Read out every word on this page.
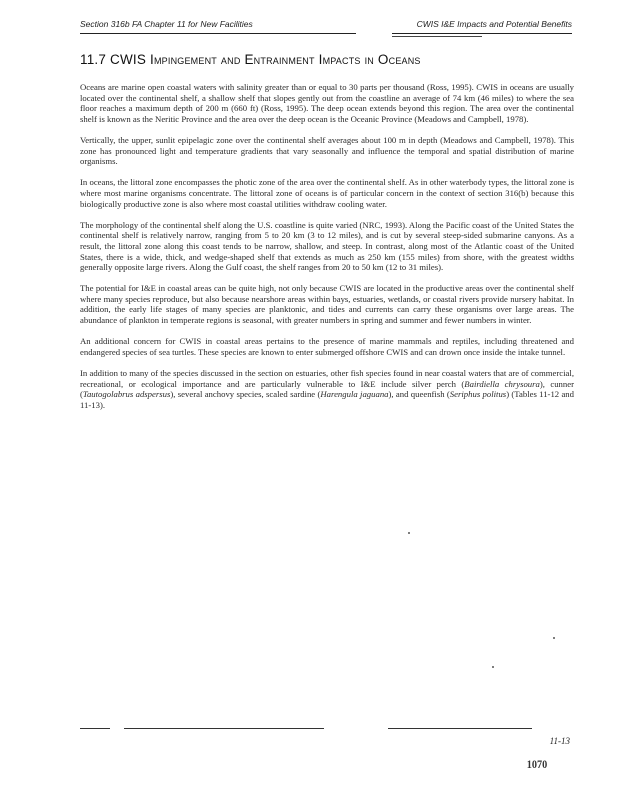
Section 316b FA Chapter 11 for New Facilities	CWIS I&E Impacts and Potential Benefits
11.7 CWIS Impingement and Entrainment Impacts in Oceans

Oceans are marine open coastal waters with salinity greater than or equal to 30 parts per thousand (Ross, 1995). CWIS in oceans are usually located over the continental shelf, a shallow shelf that slopes gently out from the coastline an average of 74 km (46 miles) to where the sea floor reaches a maximum depth of 200 m (660 ft) (Ross, 1995). The deep ocean extends beyond this region. The area over the continental shelf is known as the Neritic Province and the area over the deep ocean is the Oceanic Province (Meadows and Campbell, 1978).

Vertically, the upper, sunlit epipelagic zone over the continental shelf averages about 100 m in depth (Meadows and Campbell, 1978). This zone has pronounced light and temperature gradients that vary seasonally and influence the temporal and spatial distribution of marine organisms.

In oceans, the littoral zone encompasses the photic zone of the area over the continental shelf. As in other waterbody types, the littoral zone is where most marine organisms concentrate. The littoral zone of oceans is of particular concern in the context of section 316(b) because this biologically productive zone is also where most coastal utilities withdraw cooling water.

The morphology of the continental shelf along the U.S. coastline is quite varied (NRC, 1993). Along the Pacific coast of the United States the continental shelf is relatively narrow, ranging from 5 to 20 km (3 to 12 miles), and is cut by several steep-sided submarine canyons. As a result, the littoral zone along this coast tends to be narrow, shallow, and steep. In contrast, along most of the Atlantic coast of the United States, there is a wide, thick, and wedge-shaped shelf that extends as much as 250 km (155 miles) from shore, with the greatest widths generally opposite large rivers. Along the Gulf coast, the shelf ranges from 20 to 50 km (12 to 31 miles).

The potential for I&E in coastal areas can be quite high, not only because CWIS are located in the productive areas over the continental shelf where many species reproduce, but also because nearshore areas within bays, estuaries, wetlands, or coastal rivers provide nursery habitat. In addition, the early life stages of many species are planktonic, and tides and currents can carry these organisms over large areas. The abundance of plankton in temperate regions is seasonal, with greater numbers in spring and summer and fewer numbers in winter.

An additional concern for CWIS in coastal areas pertains to the presence of marine mammals and reptiles, including threatened and endangered species of sea turtles. These species are known to enter submerged offshore CWIS and can drown once inside the intake tunnel.

In addition to many of the species discussed in the section on estuaries, other fish species found in near coastal waters that are of commercial, recreational, or ecological importance and are particularly vulnerable to I&E include silver perch (Bairdiella chrysoura), cunner (Tautogolabrus adspersus), several anchovy species, scaled sardine (Harengula jaguana), and queenfish (Seriphus politus) (Tables 11-12 and 11-13).

11-13
1070
